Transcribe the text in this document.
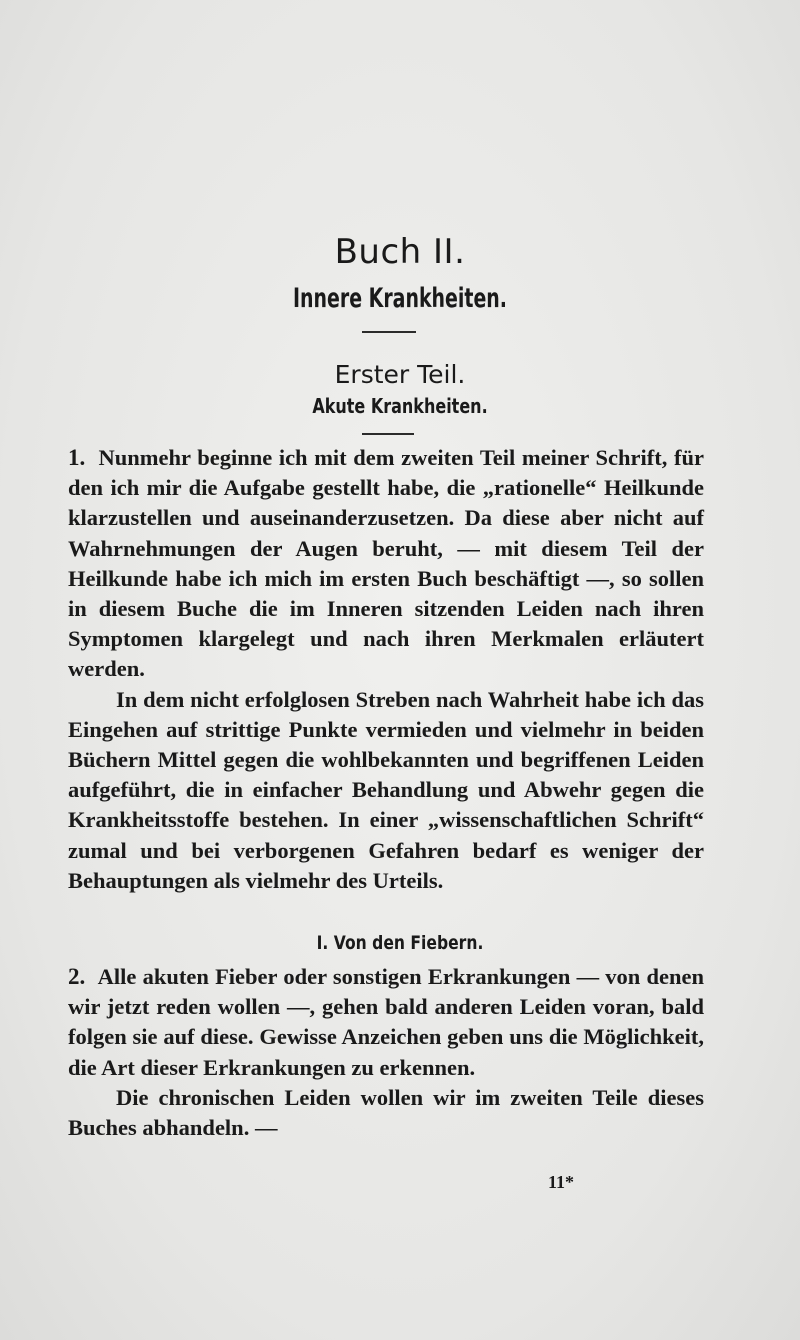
Buch II.
Innere Krankheiten.
Erster Teil.
Akute Krankheiten.

1. Nunmehr beginne ich mit dem zweiten Teil meiner Schrift, für den ich mir die Aufgabe gestellt habe, die „rationelle“ Heilkunde klarzustellen und auseinanderzusetzen. Da diese aber nicht auf Wahrnehmungen der Augen beruht, — mit diesem Teil der Heilkunde habe ich mich im ersten Buch beschäftigt —, so sollen in diesem Buche die im Inneren sitzenden Leiden nach ihren Symptomen klargelegt und nach ihren Merkmalen erläutert werden.

In dem nicht erfolglosen Streben nach Wahrheit habe ich das Eingehen auf strittige Punkte vermieden und vielmehr in beiden Büchern Mittel gegen die wohlbekannten und begriffenen Leiden aufgeführt, die in einfacher Behandlung und Abwehr gegen die Krankheitsstoffe bestehen. In einer „wissenschaftlichen Schrift“ zumal und bei verborgenen Gefahren bedarf es weniger der Behauptungen als vielmehr des Urteils.

I. Von den Fiebern.

2. Alle akuten Fieber oder sonstigen Erkrankungen — von denen wir jetzt reden wollen —, gehen bald anderen Leiden voran, bald folgen sie auf diese. Gewisse Anzeichen geben uns die Möglichkeit, die Art dieser Erkrankungen zu erkennen.

Die chronischen Leiden wollen wir im zweiten Teile dieses Buches abhandeln. —

11*
